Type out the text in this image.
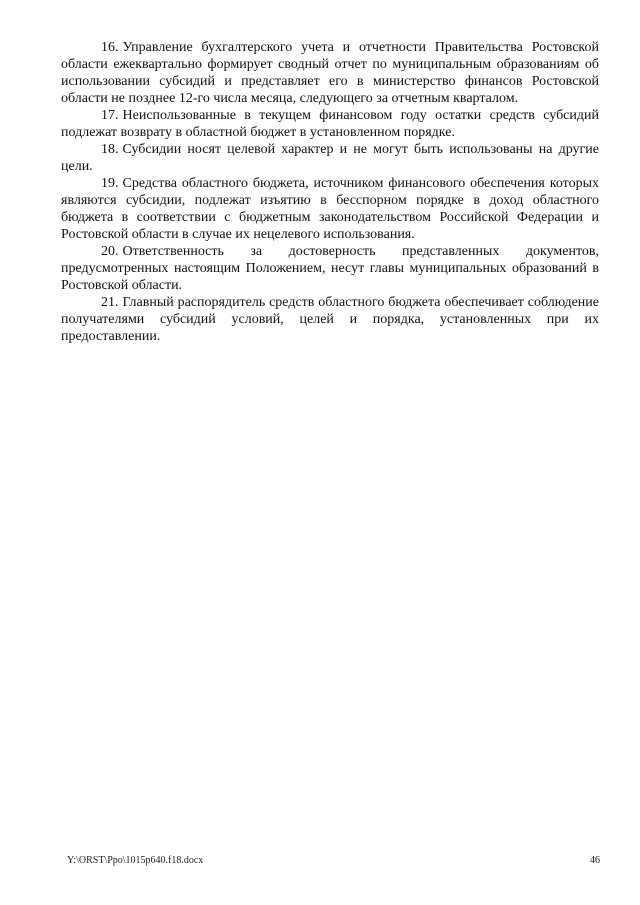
16. Управление бухгалтерского учета и отчетности Правительства Ростовской области ежеквартально формирует сводный отчет по муниципальным образованиям об использовании субсидий и представляет его в министерство финансов Ростовской области не позднее 12-го числа месяца, следующего за отчетным кварталом.

17. Неиспользованные в текущем финансовом году остатки средств субсидий подлежат возврату в областной бюджет в установленном порядке.

18. Субсидии носят целевой характер и не могут быть использованы на другие цели.

19. Средства областного бюджета, источником финансового обеспечения которых являются субсидии, подлежат изъятию в бесспорном порядке в доход областного бюджета в соответствии с бюджетным законодательством Российской Федерации и Ростовской области в случае их нецелевого использования.

20. Ответственность за достоверность представленных документов, предусмотренных настоящим Положением, несут главы муниципальных образований в Ростовской области.

21. Главный распорядитель средств областного бюджета обеспечивает соблюдение получателями субсидий условий, целей и порядка, установленных при их предоставлении.

Y:\ORST\Ppo\1015p640.f18.docx	46
